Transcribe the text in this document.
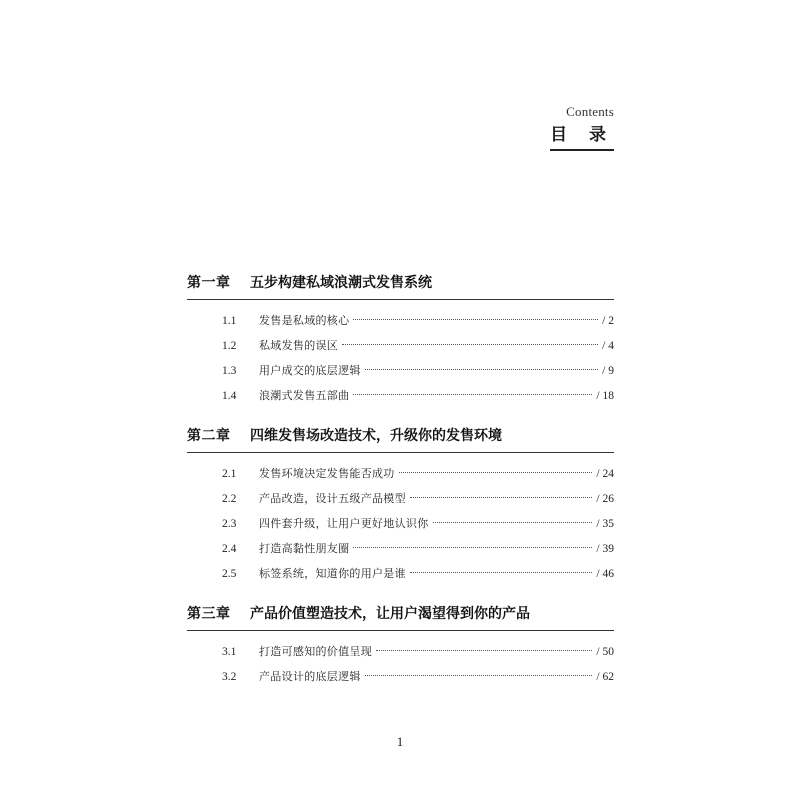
Contents
目 录
第一章	五步构建私域浪潮式发售系统
1.1	发售是私域的核心	/ 2
1.2	私域发售的误区	/ 4
1.3	用户成交的底层逻辑	/ 9
1.4	浪潮式发售五部曲	/ 18
第二章	四维发售场改造技术，升级你的发售环境
2.1	发售环境决定发售能否成功	/ 24
2.2	产品改造，设计五级产品模型	/ 26
2.3	四件套升级，让用户更好地认识你	/ 35
2.4	打造高黏性朋友圈	/ 39
2.5	标签系统，知道你的用户是谁	/ 46
第三章	产品价值塑造技术，让用户渴望得到你的产品
3.1	打造可感知的价值呈现	/ 50
3.2	产品设计的底层逻辑	/ 62
1
